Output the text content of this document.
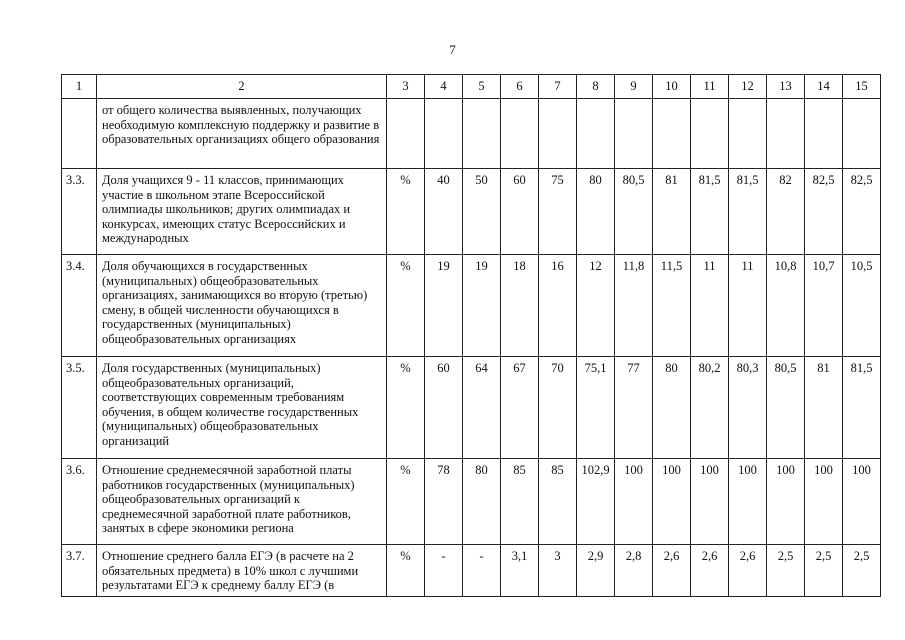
7
1	2	3	4	5	6	7	8	9	10	11	12	13	14	15
	от общего количества выявленных, получающих необходимую комплексную поддержку и развитие в образовательных организациях общего образования													
3.3.	Доля учащихся 9 - 11 классов, принимающих участие в школьном этапе Всероссийской олимпиады школьников; других олимпиадах и конкурсах, имеющих статус Всероссийских и международных	%	40	50	60	75	80	80,5	81	81,5	81,5	82	82,5	82,5
3.4.	Доля обучающихся в государственных (муниципальных) общеобразовательных организациях, занимающихся во вторую (третью) смену, в общей численности обучающихся в государственных (муниципальных) общеобразовательных организациях	%	19	19	18	16	12	11,8	11,5	11	11	10,8	10,7	10,5
3.5.	Доля государственных (муниципальных) общеобразовательных организаций, соответствующих современным требованиям обучения, в общем количестве государственных (муниципальных) общеобразовательных организаций	%	60	64	67	70	75,1	77	80	80,2	80,3	80,5	81	81,5
3.6.	Отношение среднемесячной заработной платы работников государственных (муниципальных) общеобразовательных организаций к среднемесячной заработной плате работников, занятых в сфере экономики региона	%	78	80	85	85	102,9	100	100	100	100	100	100	100
3.7.	Отношение среднего балла ЕГЭ (в расчете на 2 обязательных предмета) в 10% школ с лучшими результатами ЕГЭ к среднему баллу ЕГЭ (в	%	-	-	3,1	3	2,9	2,8	2,6	2,6	2,6	2,5	2,5	2,5
